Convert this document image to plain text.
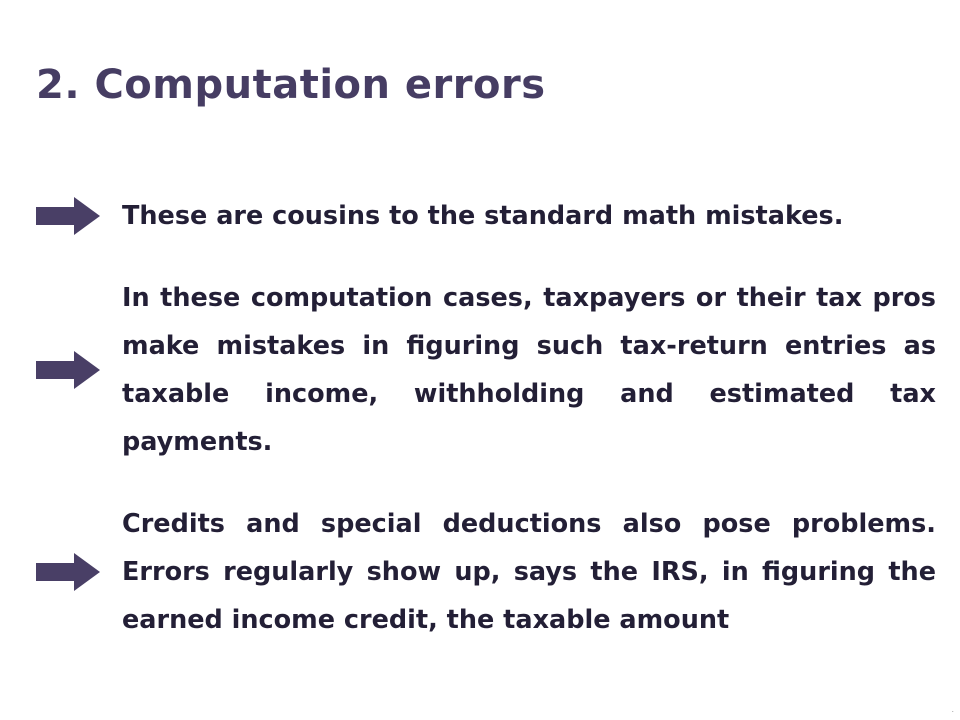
2. Computation errors
These are cousins to the standard math mistakes.
In these computation cases, taxpayers or their tax pros make mistakes in figuring such tax-return entries as taxable income, withholding and estimated tax payments.
Credits and special deductions also pose problems. Errors regularly show up, says the IRS, in figuring the earned income credit, the taxable amount
.
